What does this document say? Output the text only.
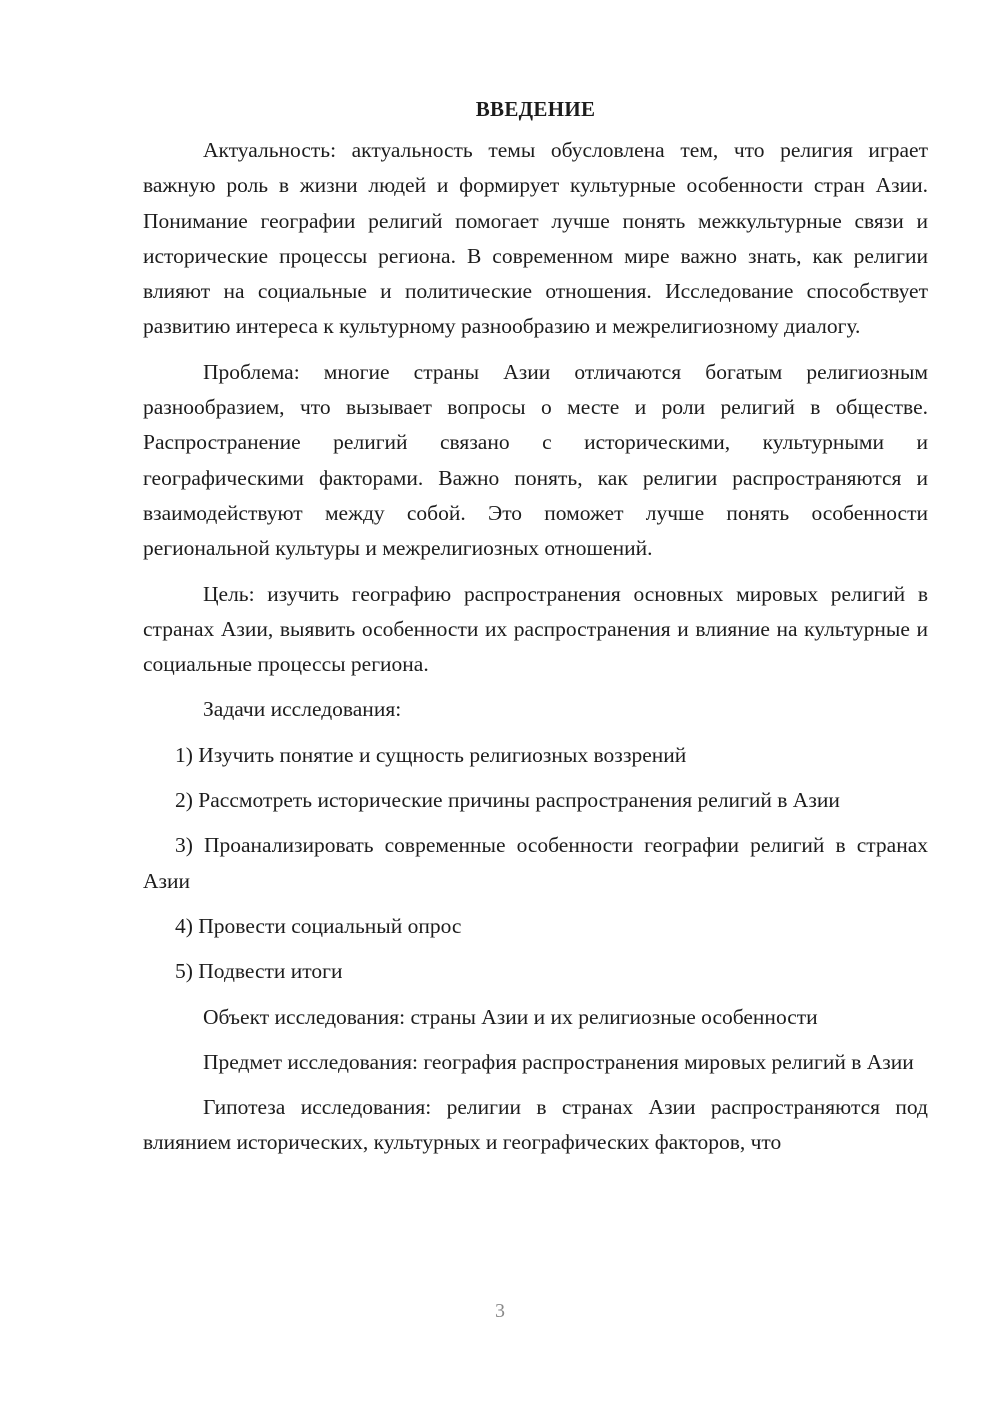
ВВЕДЕНИЕ

Актуальность: актуальность темы обусловлена тем, что религия играет важную роль в жизни людей и формирует культурные особенности стран Азии. Понимание географии религий помогает лучше понять межкультурные связи и исторические процессы региона. В современном мире важно знать, как религии влияют на социальные и политические отношения. Исследование способствует развитию интереса к культурному разнообразию и межрелигиозному диалогу.

Проблема: многие страны Азии отличаются богатым религиозным разнообразием, что вызывает вопросы о месте и роли религий в обществе. Распространение религий связано с историческими, культурными и географическими факторами. Важно понять, как религии распространяются и взаимодействуют между собой. Это поможет лучше понять особенности региональной культуры и межрелигиозных отношений.

Цель: изучить географию распространения основных мировых религий в странах Азии, выявить особенности их распространения и влияние на культурные и социальные процессы региона.

Задачи исследования:

1) Изучить понятие и сущность религиозных воззрений

2) Рассмотреть исторические причины распространения религий в Азии

3) Проанализировать современные особенности географии религий в странах Азии

4) Провести социальный опрос

5) Подвести итоги

Объект исследования: страны Азии и их религиозные особенности

Предмет исследования: география распространения мировых религий в Азии

Гипотеза исследования: религии в странах Азии распространяются под влиянием исторических, культурных и географических факторов, что

3
